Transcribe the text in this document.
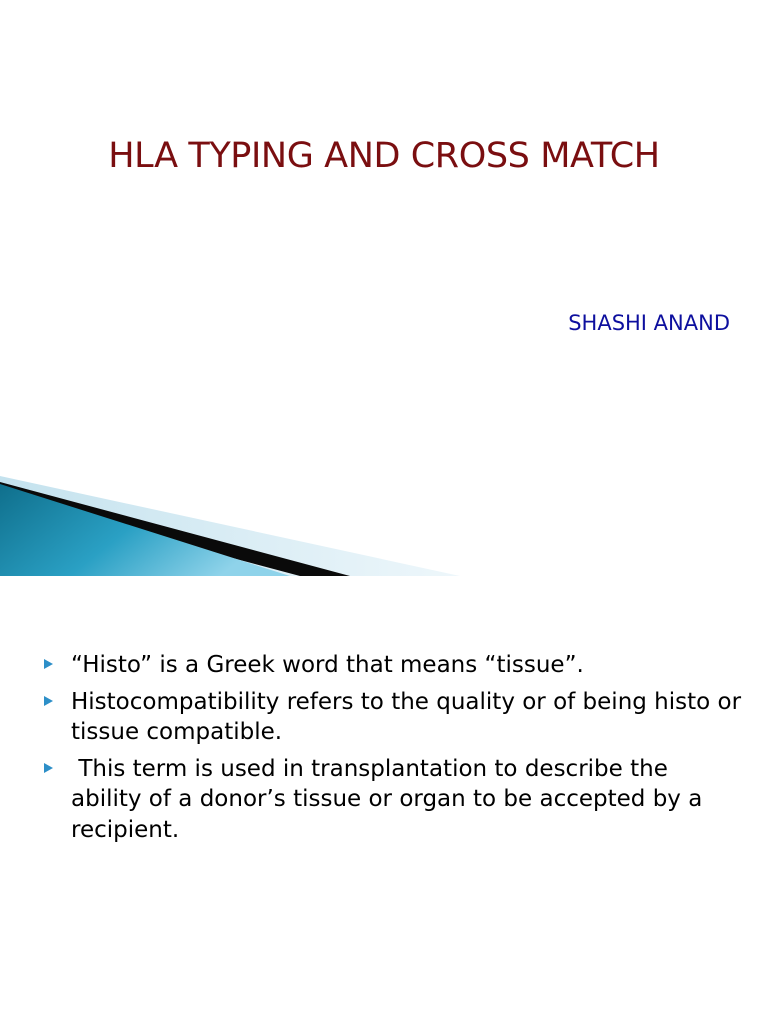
HLA TYPING AND CROSS MATCH

SHASHI ANAND

“Histo” is a Greek word that means “tissue”.
Histocompatibility refers to the quality or of being histo or tissue compatible.
This term is used in transplantation to describe the ability of a donor’s tissue or organ to be accepted by a recipient.
